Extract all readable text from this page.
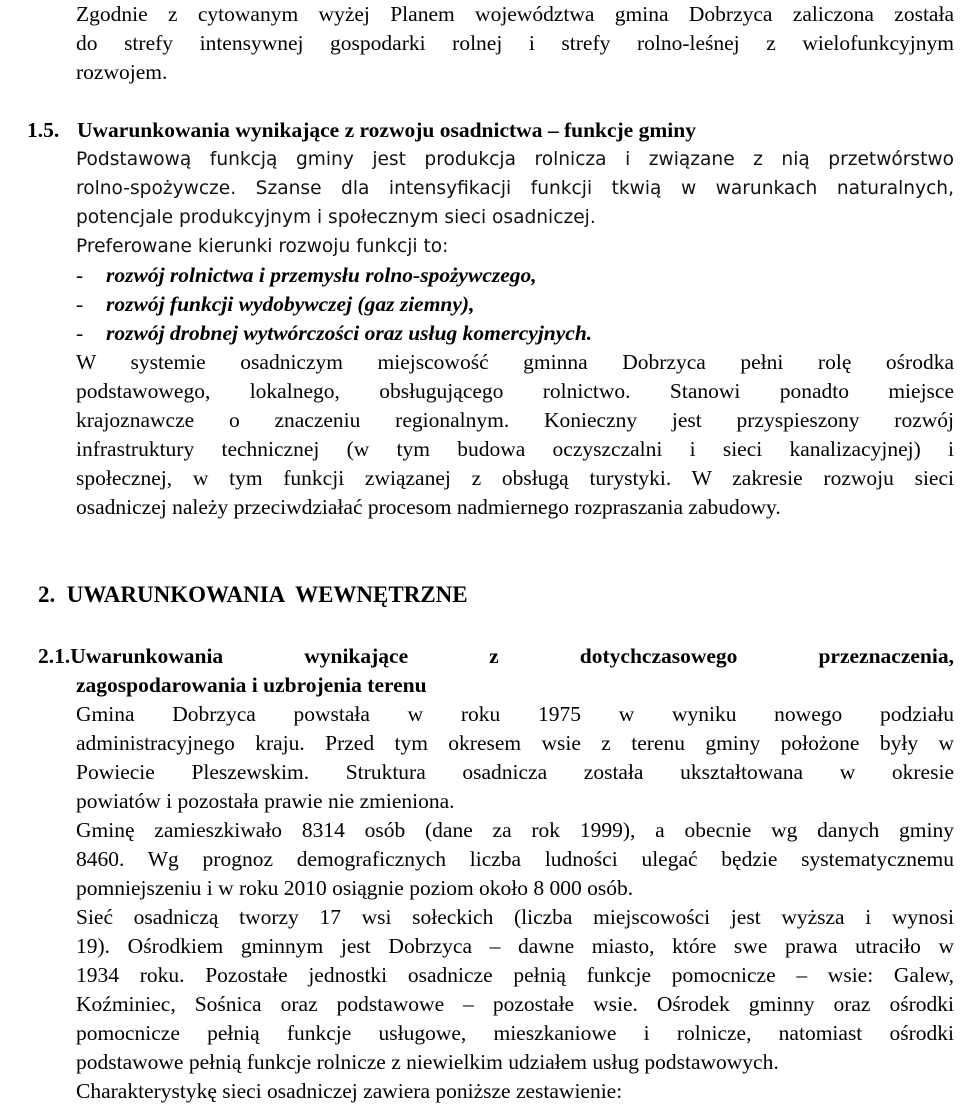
Zgodnie z cytowanym wyżej Planem województwa gmina Dobrzyca zaliczona została
do strefy intensywnej gospodarki rolnej i strefy rolno-leśnej z wielofunkcyjnym
rozwojem.
1.5. Uwarunkowania wynikające z rozwoju osadnictwa – funkcje gminy
Podstawową funkcją gminy jest produkcja rolnicza i związane z nią przetwórstwo
rolno-spożywcze. Szanse dla intensyfikacji funkcji tkwią w warunkach naturalnych,
potencjale produkcyjnym i społecznym sieci osadniczej.
Preferowane kierunki rozwoju funkcji to:
- rozwój rolnictwa i przemysłu rolno-spożywczego,
- rozwój funkcji wydobywczej (gaz ziemny),
- rozwój drobnej wytwórczości oraz usług komercyjnych.
W systemie osadniczym miejscowość gminna Dobrzyca pełni rolę ośrodka
podstawowego, lokalnego, obsługującego rolnictwo. Stanowi ponadto miejsce
krajoznawcze o znaczeniu regionalnym. Konieczny jest przyspieszony rozwój
infrastruktury technicznej (w tym budowa oczyszczalni i sieci kanalizacyjnej) i
społecznej, w tym funkcji związanej z obsługą turystyki. W zakresie rozwoju sieci
osadniczej należy przeciwdziałać procesom nadmiernego rozpraszania zabudowy.
2.  UWARUNKOWANIA  WEWNĘTRZNE
2.1.Uwarunkowania wynikające z dotychczasowego przeznaczenia,
zagospodarowania i uzbrojenia terenu
Gmina Dobrzyca powstała w roku 1975 w wyniku nowego podziału
administracyjnego kraju. Przed tym okresem wsie z terenu gminy położone były w
Powiecie Pleszewskim. Struktura osadnicza została ukształtowana w okresie
powiatów i pozostała prawie nie zmieniona.
Gminę zamieszkiwało 8314 osób (dane za rok 1999), a obecnie wg danych gminy
8460. Wg prognoz demograficznych liczba ludności ulegać będzie systematycznemu
pomniejszeniu i w roku 2010 osiągnie poziom około 8 000 osób.
Sieć osadniczą tworzy 17 wsi sołeckich (liczba miejscowości jest wyższa i wynosi
19). Ośrodkiem gminnym jest Dobrzyca – dawne miasto, które swe prawa utraciło w
1934 roku. Pozostałe jednostki osadnicze pełnią funkcje pomocnicze – wsie: Galew,
Koźminiec, Sośnica oraz podstawowe – pozostałe wsie. Ośrodek gminny oraz ośrodki
pomocnicze pełnią funkcje usługowe, mieszkaniowe i rolnicze, natomiast ośrodki
podstawowe pełnią funkcje rolnicze z niewielkim udziałem usług podstawowych.
Charakterystykę sieci osadniczej zawiera poniższe zestawienie:
